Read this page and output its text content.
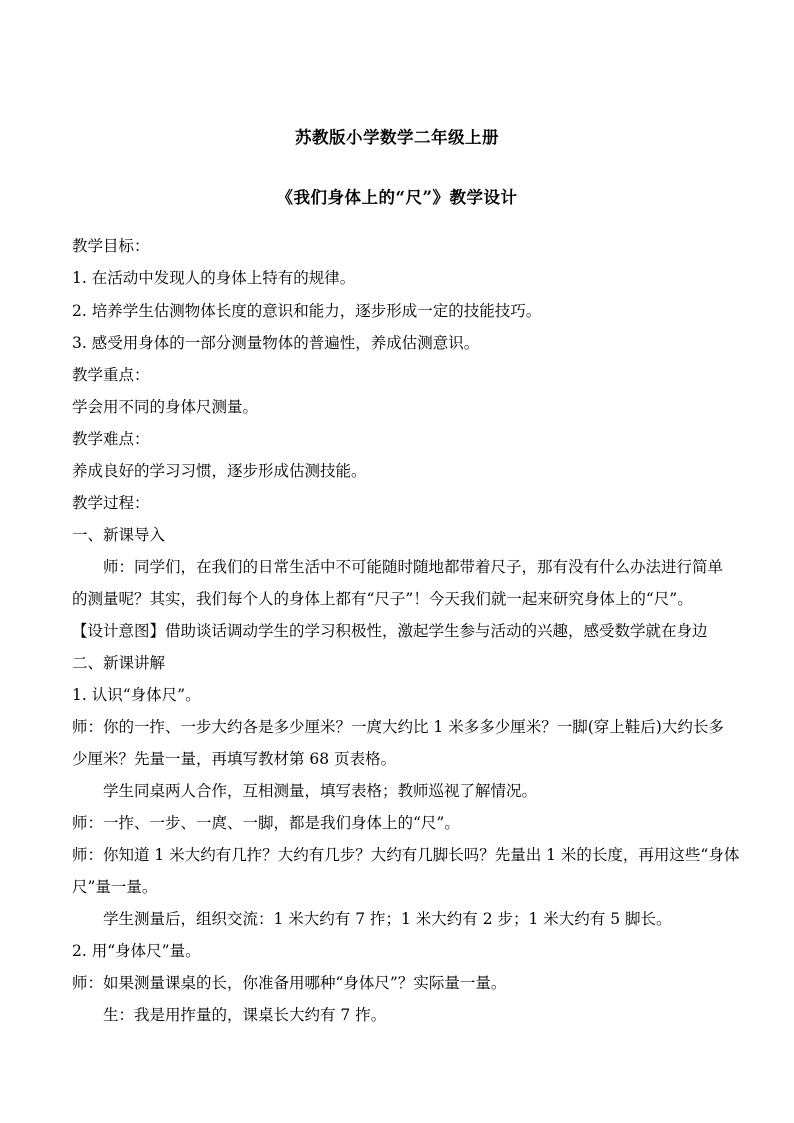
苏教版小学数学二年级上册
《我们身体上的“尺”》教学设计
教学目标：
1. 在活动中发现人的身体上特有的规律。
2. 培养学生估测物体长度的意识和能力，逐步形成一定的技能技巧。
3. 感受用身体的一部分测量物体的普遍性，养成估测意识。
教学重点：
学会用不同的身体尺测量。
教学难点：
养成良好的学习习惯，逐步形成估测技能。
教学过程：
一、新课导入
师：同学们，在我们的日常生活中不可能随时随地都带着尺子，那有没有什么办法进行简单
的测量呢？其实，我们每个人的身体上都有“尺子”！今天我们就一起来研究身体上的“尺”。
【设计意图】借助谈话调动学生的学习积极性，激起学生参与活动的兴趣，感受数学就在身边
二、新课讲解
1. 认识“身体尺”。
师：你的一拃、一步大约各是多少厘米？一庹大约比 1 米多多少厘米？一脚(穿上鞋后)大约长多
少厘米？先量一量，再填写教材第 68 页表格。
学生同桌两人合作，互相测量，填写表格；教师巡视了解情况。
师：一拃、一步、一庹、一脚，都是我们身体上的“尺”。
师：你知道 1 米大约有几拃？大约有几步？大约有几脚长吗？先量出 1 米的长度，再用这些“身体
尺”量一量。
学生测量后，组织交流：1 米大约有 7 拃；1 米大约有 2 步；1 米大约有 5 脚长。
2. 用“身体尺”量。
师：如果测量课桌的长，你准备用哪种“身体尺”？实际量一量。
生：我是用拃量的，课桌长大约有 7 拃。
